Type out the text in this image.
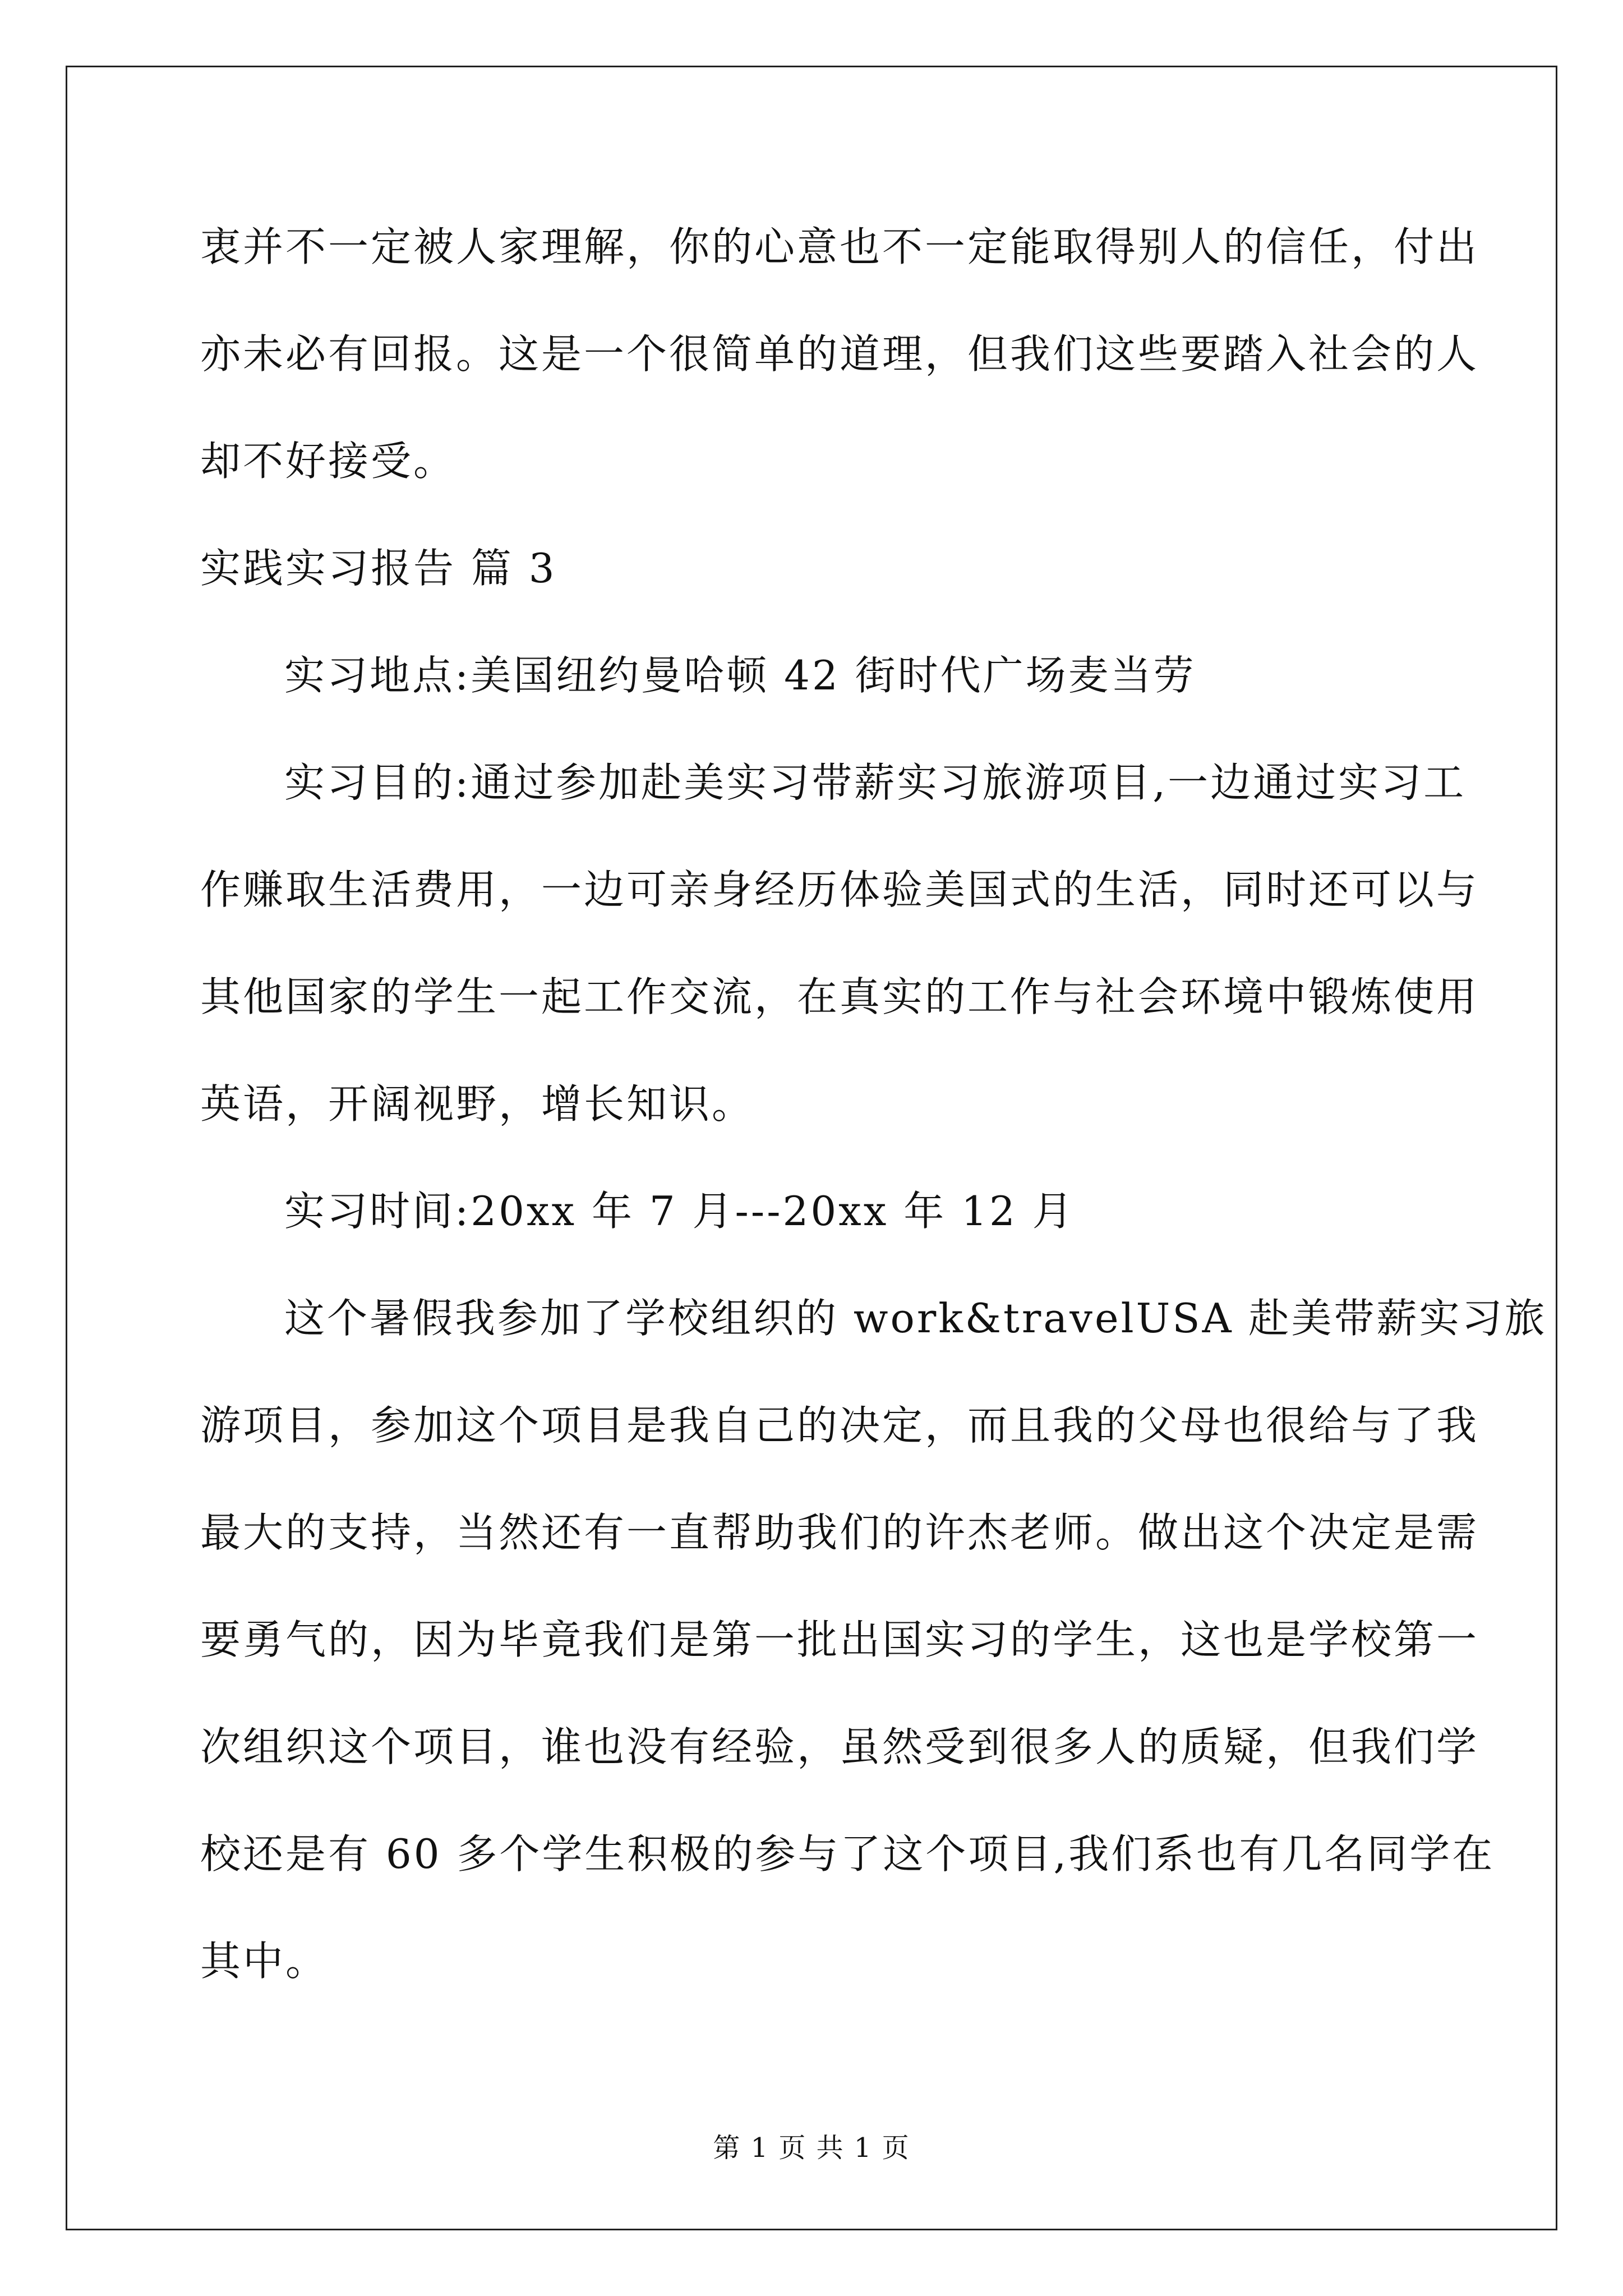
衷并不一定被人家理解，你的心意也不一定能取得别人的信任，付出
亦未必有回报。这是一个很简单的道理，但我们这些要踏入社会的人
却不好接受。
实践实习报告 篇 3
实习地点:美国纽约曼哈顿 42 街时代广场麦当劳
实习目的:通过参加赴美实习带薪实习旅游项目,一边通过实习工
作赚取生活费用，一边可亲身经历体验美国式的生活，同时还可以与
其他国家的学生一起工作交流，在真实的工作与社会环境中锻炼使用
英语，开阔视野，增长知识。
实习时间:20xx 年 7 月---20xx 年 12 月
这个暑假我参加了学校组织的 work&travelUSA 赴美带薪实习旅
游项目，参加这个项目是我自己的决定，而且我的父母也很给与了我
最大的支持，当然还有一直帮助我们的许杰老师。做出这个决定是需
要勇气的，因为毕竟我们是第一批出国实习的学生，这也是学校第一
次组织这个项目，谁也没有经验，虽然受到很多人的质疑，但我们学
校还是有 60 多个学生积极的参与了这个项目,我们系也有几名同学在
其中。
第 1 页 共 1 页
